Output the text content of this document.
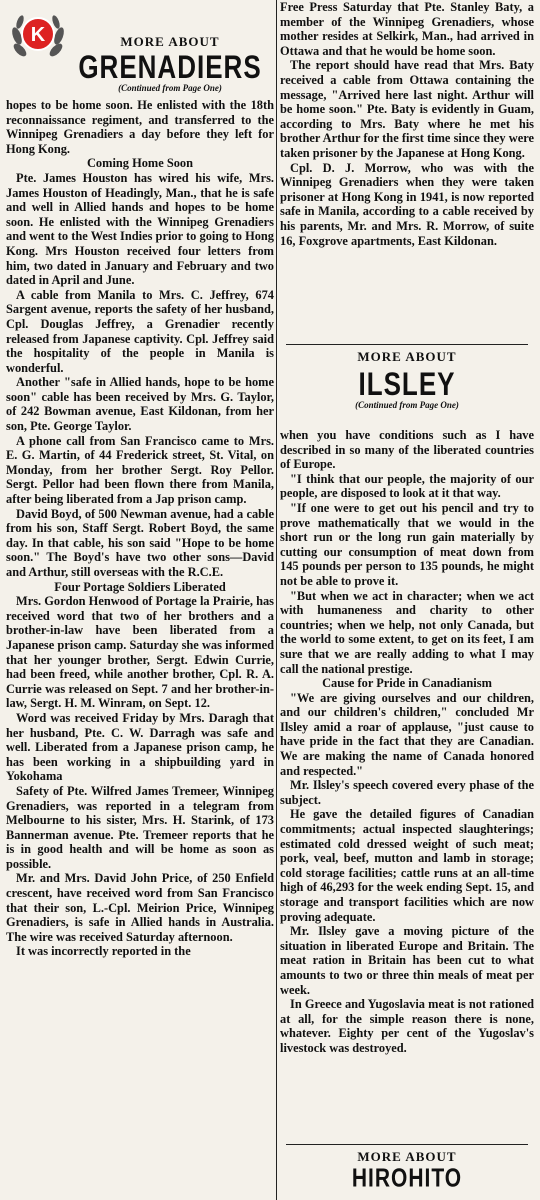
K	MORE ABOUT

GRENADIERS

(Continued from Page One)

hopes to be home soon. He enlisted with the 18th reconnaissance regiment, and transferred to the Winnipeg Grenadiers a day before they left for Hong Kong.

Coming Home Soon

Pte. James Houston has wired his wife, Mrs. James Houston of Headingly, Man., that he is safe and well in Allied hands and hopes to be home soon. He enlisted with the Winnipeg Grenadiers and went to the West Indies prior to going to Hong Kong. Mrs Houston received four letters from him, two dated in January and February and two dated in April and June.

A cable from Manila to Mrs. C. Jeffrey, 674 Sargent avenue, reports the safety of her husband, Cpl. Douglas Jeffrey, a Grenadier recently released from Japanese captivity. Cpl. Jeffrey said the hospitality of the people in Manila is wonderful.

Another "safe in Allied hands, hope to be home soon" cable has been received by Mrs. G. Taylor, of 242 Bowman avenue, East Kildonan, from her son, Pte. George Taylor.

A phone call from San Francisco came to Mrs. E. G. Martin, of 44 Frederick street, St. Vital, on Monday, from her brother Sergt. Roy Pellor. Sergt. Pellor had been flown there from Manila, after being liberated from a Jap prison camp.

David Boyd, of 500 Newman avenue, had a cable from his son, Staff Sergt. Robert Boyd, the same day. In that cable, his son said "Hope to be home soon." The Boyd's have two other sons—David and Arthur, still overseas with the R.C.E.

Four Portage Soldiers Liberated

Mrs. Gordon Henwood of Portage la Prairie, has received word that two of her brothers and a brother-in-law have been liberated from a Japanese prison camp. Saturday she was informed that her younger brother, Sergt. Edwin Currie, had been freed, while another brother, Cpl. R. A. Currie was released on Sept. 7 and her brother-in-law, Sergt. H. M. Winram, on Sept. 12.

Word was received Friday by Mrs. Daragh that her husband, Pte. C. W. Darragh was safe and well. Liberated from a Japanese prison camp, he has been working in a shipbuilding yard in Yokohama

Safety of Pte. Wilfred James Tremeer, Winnipeg Grenadiers, was reported in a telegram from Melbourne to his sister, Mrs. H. Starink, of 173 Bannerman avenue. Pte. Tremeer reports that he is in good health and will be home as soon as possible.

Mr. and Mrs. David John Price, of 250 Enfield crescent, have received word from San Francisco that their son, L.-Cpl. Meirion Price, Winnipeg Grenadiers, is safe in Allied hands in Australia. The wire was received Saturday afternoon.

It was incorrectly reported in the

Free Press Saturday that Pte. Stanley Baty, a member of the Winnipeg Grenadiers, whose mother resides at Selkirk, Man., had arrived in Ottawa and that he would be home soon.

The report should have read that Mrs. Baty received a cable from Ottawa containing the message, "Arrived here last night. Arthur will be home soon." Pte. Baty is evidently in Guam, according to Mrs. Baty where he met his brother Arthur for the first time since they were taken prisoner by the Japanese at Hong Kong.

Cpl. D. J. Morrow, who was with the Winnipeg Grenadiers when they were taken prisoner at Hong Kong in 1941, is now reported safe in Manila, according to a cable received by his parents, Mr. and Mrs. R. Morrow, of suite 16, Foxgrove apartments, East Kildonan.

MORE ABOUT

ILSLEY

(Continued from Page One)

when you have conditions such as I have described in so many of the liberated countries of Europe.

"I think that our people, the majority of our people, are disposed to look at it that way.

"If one were to get out his pencil and try to prove mathematically that we would in the short run or the long run gain materially by cutting our consumption of meat down from 145 pounds per person to 135 pounds, he might not be able to prove it.

"But when we act in character; when we act with humaneness and charity to other countries; when we help, not only Canada, but the world to some extent, to get on its feet, I am sure that we are really adding to what I may call the national prestige.

Cause for Pride in Canadianism

"We are giving ourselves and our children, and our children's children," concluded Mr Ilsley amid a roar of applause, "just cause to have pride in the fact that they are Canadian. We are making the name of Canada honored and respected."

Mr. Ilsley's speech covered every phase of the subject.

He gave the detailed figures of Canadian commitments; actual inspected slaughterings; estimated cold dressed weight of such meat; pork, veal, beef, mutton and lamb in storage; cold storage facilities; cattle runs at an all-time high of 46,293 for the week ending Sept. 15, and storage and transport facilities which are now proving adequate.

Mr. Ilsley gave a moving picture of the situation in liberated Europe and Britain. The meat ration in Britain has been cut to what amounts to two or three thin meals of meat per week.

In Greece and Yugoslavia meat is not rationed at all, for the simple reason there is none, whatever. Eighty per cent of the Yugoslav's livestock was destroyed.

MORE ABOUT

HIROHITO
